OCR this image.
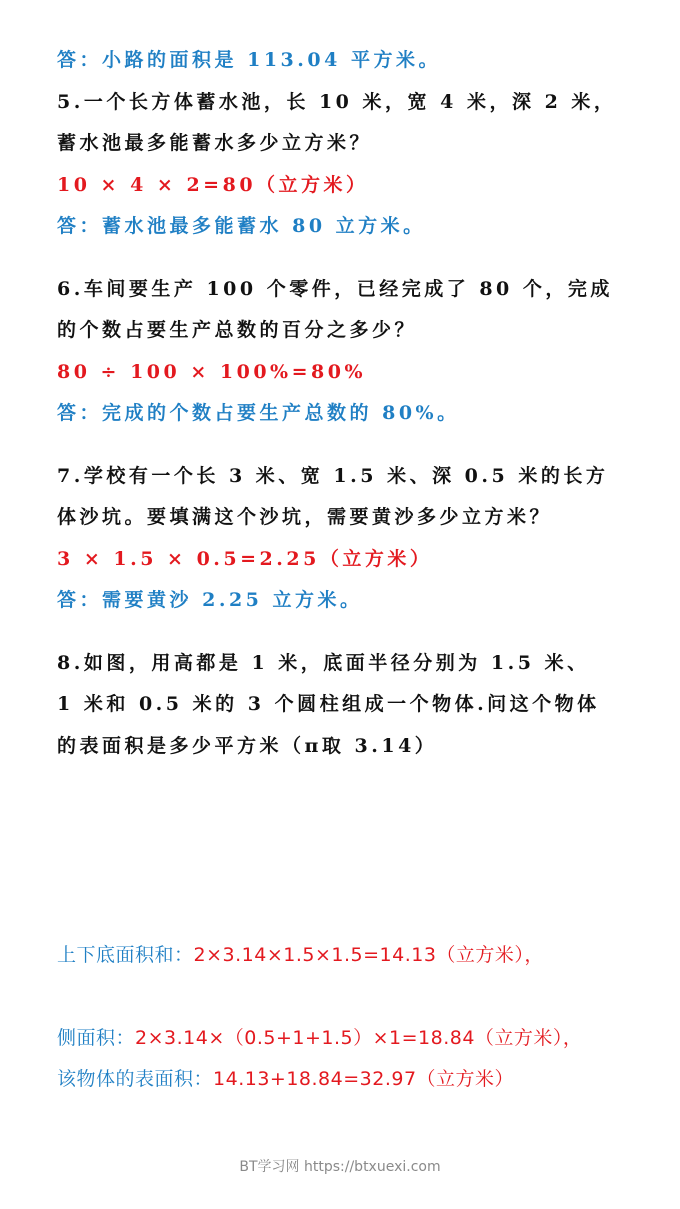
答：小路的面积是 113.04 平方米。
5.一个长方体蓄水池，长 10 米，宽 4 米，深 2 米，
蓄水池最多能蓄水多少立方米？
10 × 4 × 2=80（立方米）
答：蓄水池最多能蓄水 80 立方米。
6.车间要生产 100 个零件，已经完成了 80 个，完成
的个数占要生产总数的百分之多少？
80 ÷ 100 × 100%=80%
答：完成的个数占要生产总数的 80%。
7.学校有一个长 3 米、宽 1.5 米、深 0.5 米的长方
体沙坑。要填满这个沙坑，需要黄沙多少立方米？
3 × 1.5 × 0.5=2.25（立方米）
答：需要黄沙 2.25 立方米。
8.如图，用高都是 1 米，底面半径分别为 1.5 米、
1 米和 0.5 米的 3 个圆柱组成一个物体.问这个物体
的表面积是多少平方米（π取 3.14）
上下底面积和：2×3.14×1.5×1.5=14.13（立方米），
侧面积：2×3.14×（0.5+1+1.5）×1=18.84（立方米），
该物体的表面积：14.13+18.84=32.97（立方米）
BT学习网 https://btxuexi.com
